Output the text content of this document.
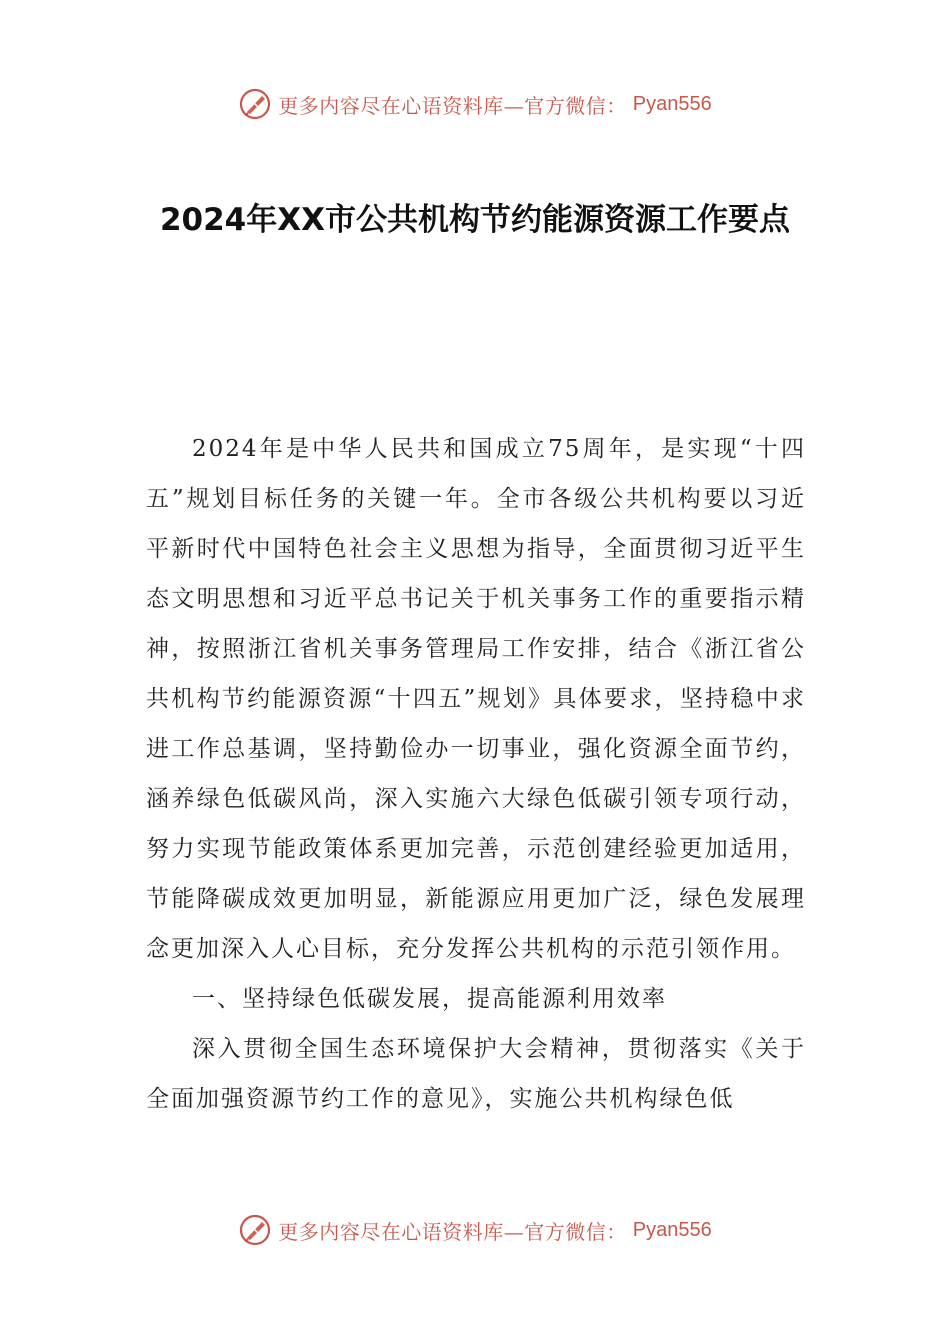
更多内容尽在心语资料库—官方微信： Pyan556
2024年XX市公共机构节约能源资源工作要点

2024年是中华人民共和国成立75周年，是实现“十四五”规划目标任务的关键一年。全市各级公共机构要以习近平新时代中国特色社会主义思想为指导，全面贯彻习近平生态文明思想和习近平总书记关于机关事务工作的重要指示精神，按照浙江省机关事务管理局工作安排，结合《浙江省公共机构节约能源资源“十四五”规划》具体要求，坚持稳中求进工作总基调，坚持勤俭办一切事业，强化资源全面节约，涵养绿色低碳风尚，深入实施六大绿色低碳引领专项行动，努力实现节能政策体系更加完善，示范创建经验更加适用，节能降碳成效更加明显，新能源应用更加广泛，绿色发展理念更加深入人心目标，充分发挥公共机构的示范引领作用。

一、坚持绿色低碳发展，提高能源利用效率

深入贯彻全国生态环境保护大会精神，贯彻落实《关于全面加强资源节约工作的意见》，实施公共机构绿色低

更多内容尽在心语资料库—官方微信： Pyan556
